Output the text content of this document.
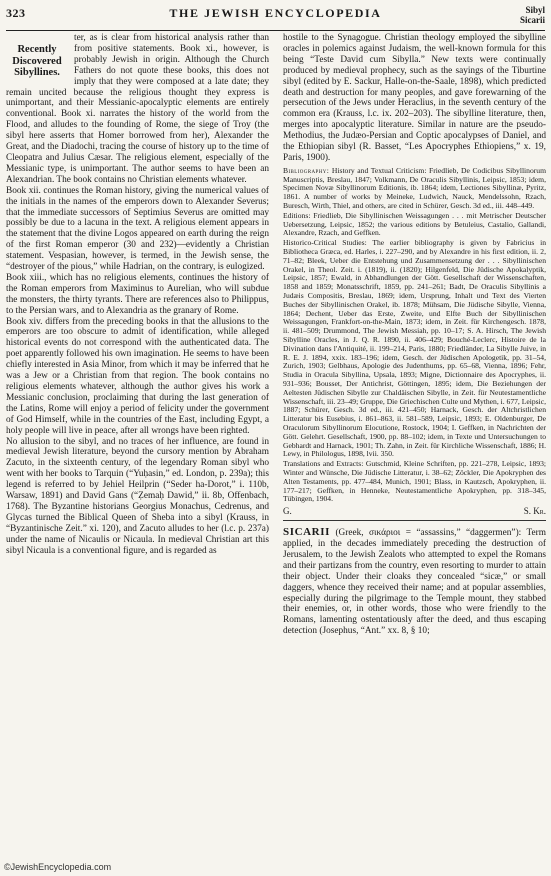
323	THE JEWISH ENCYCLOPEDIA	Sibyl
Sicarii
Recently Discovered Sibyllines.

ter, as is clear from historical analysis rather than from positive statements. Book xi., however, is probably Jewish in origin. Although the Church Fathers do not quote these books, this does not imply that they were composed at a late date; they remain uncited because the religious thought they express is unimportant, and their Messianic-apocalyptic elements are entirely conventional. Book xi. narrates the history of the world from the Flood, and alludes to the founding of Rome, the siege of Troy (the sibyl here asserts that Homer borrowed from her), Alexander the Great, and the Diadochi, tracing the course of history up to the time of Cleopatra and Julius Cæsar. The religious element, especially of the Messianic type, is unimportant. The author seems to have been an Alexandrian. The book contains no Christian elements whatever.

Book xii. continues the Roman history, giving the numerical values of the initials in the names of the emperors down to Alexander Severus; that the immediate successors of Septimius Severus are omitted may possibly be due to a lacuna in the text. A religious element appears in the statement that the divine Logos appeared on earth during the reign of the first Roman emperor (30 and 232)—evidently a Christian statement. Vespasian, however, is termed, in the Jewish sense, the “destroyer of the pious,” while Hadrian, on the contrary, is eulogized.

Book xiii., which has no religious elements, continues the history of the Roman emperors from Maximinus to Aurelian, who will subdue the monsters, the thirty tyrants. There are references also to Philippus, to the Persian wars, and to Alexandria as the granary of Rome.

Book xiv. differs from the preceding books in that the allusions to the emperors are too obscure to admit of identification, while alleged historical events do not correspond with the authenticated data. The poet apparently followed his own imagination. He seems to have been chiefly interested in Asia Minor, from which it may be inferred that he was a Jew or a Christian from that region. The book contains no religious elements whatever, although the author gives his work a Messianic conclusion, proclaiming that during the last generation of the Latins, Rome will enjoy a period of felicity under the government of God Himself, while in the countries of the East, including Egypt, a holy people will live in peace, after all wrongs have been righted.

No allusion to the sibyl, and no traces of her influence, are found in medieval Jewish literature, beyond the cursory mention by Abraham Zacuto, in the sixteenth century, of the legendary Roman sibyl who went with her books to Tarquin (“Yuḥasin,” ed. London, p. 239a); this legend is referred to by Jehiel Heilprin (“Seder ha-Dorot,” i. 110b, Warsaw, 1891) and David Gans (“Ẓemaḥ Dawid,” ii. 8b, Offenbach, 1768). The Byzantine historians Georgius Monachus, Cedrenus, and Glycas turned the Biblical Queen of Sheba into a sibyl (Krauss, in “Byzantinische Zeit.” xi. 120), and Zacuto alludes to her (l.c. p. 237a) under the name of Nicaulis or Nicaula. In medieval Christian art this sibyl Nicaula is a conventional figure, and is regarded as

hostile to the Synagogue. Christian theology employed the sibylline oracles in polemics against Judaism, the well-known formula for this being “Teste David cum Sibylla.” New texts were continually produced by medieval prophecy, such as the sayings of the Tiburtine sibyl (edited by E. Sackur, Halle-on-the-Saale, 1898), which predicted death and destruction for many peoples, and gave forewarning of the persecution of the Jews under Heraclius, in the seventh century of the common era (Krauss, l.c. ix. 202–203). The sibylline literature, then, merges into apocalyptic literature. Similar in nature are the pseudo-Methodius, the Judæo-Persian and Coptic apocalypses of Daniel, and the Ethiopian sibyl (R. Basset, “Les Apocryphes Ethiopiens,” x. 19, Paris, 1900).

Bibliography: History and Textual Criticism: Friedlieb, De Codicibus Sibyllinorum Manuscriptis, Breslau, 1847; Volkmann, De Oraculis Sibyllinis, Leipsic, 1853; idem, Specimen Novæ Sibyllinorum Editionis, ib. 1864; idem, Lectiones Sibyllinæ, Pyritz, 1861. A number of works by Meineke, Ludwich, Nauck, Mendelssohn, Rzach, Buresch, Wirth, Thiel, and others, are cited in Schürer, Gesch. 3d ed., iii. 448–449.

Editions: Friedlieb, Die Sibyllinischen Weissagungen . . . mit Metrischer Deutscher Uebersetzung, Leipsic, 1852; the various editions by Betuleius, Castalio, Gallandi, Alexandre, Rzach, and Geffken.

Historico-Critical Studies: The earlier bibliography is given by Fabricius in Bibliotheca Græca, ed. Harles, i. 227–290, and by Alexandre in his first edition, ii. 2, 71–82; Bleek, Ueber die Entstehung und Zusammensetzung der . . . Sibyllinischen Orakel, in Theol. Zeit. i. (1819), ii. (1820); Hilgenfeld, Die Jüdische Apokalyptik, Leipsic, 1857; Ewald, in Abhandlungen der Gött. Gesellschaft der Wissenschaften, 1858 and 1859; Monatsschrift, 1859, pp. 241–261; Badt, De Oraculis Sibyllinis a Judæis Compositis, Breslau, 1869; idem, Ursprung, Inhalt und Text des Vierten Buches der Sibyllinischen Orakel, ib. 1878; Mühsam, Die Jüdische Sibylle, Vienna, 1864; Dechent, Ueber das Erste, Zweite, und Elfte Buch der Sibyllinischen Weissagungen, Frankfort-on-the-Main, 1873; idem, in Zeit. für Kirchengesch. 1878, ii. 481–509; Drummond, The Jewish Messiah, pp. 10–17; S. A. Hirsch, The Jewish Sibylline Oracles, in J. Q. R. 1890, ii. 406–429; Bouché-Leclerc, Histoire de la Divination dans l'Antiquité, ii. 199–214, Paris, 1880; Friedländer, La Sibylle Juive, in R. E. J. 1894, xxix. 183–196; idem, Gesch. der Jüdischen Apologetik, pp. 31–54, Zurich, 1903; Gelbhaus, Apologie des Judenthums, pp. 65–68, Vienna, 1896; Fehr, Studia in Oracula Sibyllina, Upsala, 1893; Migne, Dictionnaire des Apocryphes, ii. 931–936; Bousset, Der Antichrist, Göttingen, 1895; idem, Die Beziehungen der Aeltesten Jüdischen Sibylle zur Chaldäischen Sibylle, in Zeit. für Neutestamentliche Wissenschaft, iii. 23–49; Gruppe, Die Griechischen Culte und Mythen, i. 677, Leipsic, 1887; Schürer, Gesch. 3d ed., iii. 421–450; Harnack, Gesch. der Altchristlichen Litteratur bis Eusebius, i. 861–863, ii. 581–589, Leipsic, 1893; E. Oldenburger, De Oraculorum Sibyllinorum Elocutione, Rostock, 1904; I. Geffken, in Nachrichten der Gött. Gelehrt. Gesellschaft, 1900, pp. 88–102; idem, in Texte und Untersuchungen to Gebhardt and Harnack, 1901; Th. Zahn, in Zeit. für Kirchliche Wissenschaft, 1886; H. Lewy, in Philologus, 1898, lvii. 350.

Translations and Extracts: Gutschmid, Kleine Schriften, pp. 221–278, Leipsic, 1893; Winter and Wünsche, Die Jüdische Litteratur, i. 38–62; Zöckler, Die Apokryphen des Alten Testaments, pp. 477–484, Munich, 1901; Blass, in Kautzsch, Apokryphen, ii. 177–217; Geffken, in Henneke, Neutestamentliche Apokryphen, pp. 318–345, Tübingen, 1904.

G.	S. Kr.

SICARII (Greek, σικάριοι = “assassins,” “daggermen”): Term applied, in the decades immediately preceding the destruction of Jerusalem, to the Jewish Zealots who attempted to expel the Romans and their partizans from the country, even resorting to murder to attain their object. Under their cloaks they concealed “sicæ,” or small daggers, whence they received their name; and at popular assemblies, especially during the pilgrimage to the Temple mount, they stabbed their enemies, or, in other words, those who were friendly to the Romans, lamenting ostentatiously after the deed, and thus escaping detection (Josephus, “Ant.” xx. 8, § 10;

©JewishEncyclopedia.com
